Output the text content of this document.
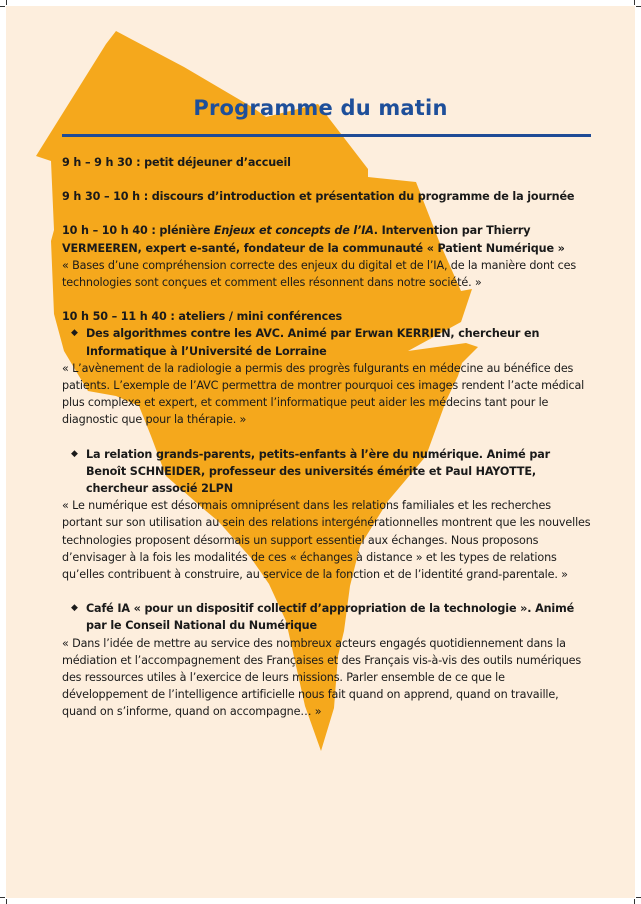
Programme du matin

9 h – 9 h 30 : petit déjeuner d’accueil

9 h 30 – 10 h : discours d’introduction et présentation du programme de la journée

10 h – 10 h 40 : plénière Enjeux et concepts de l’IA. Intervention par Thierry VERMEEREN, expert e-santé, fondateur de la communauté « Patient Numérique »

« Bases d’une compréhension correcte des enjeux du digital et de l’IA, de la manière dont ces technologies sont conçues et comment elles résonnent dans notre société. »

10 h 50 – 11 h 40 : ateliers / mini conférences

◆ Des algorithmes contre les AVC. Animé par Erwan KERRIEN, chercheur en Informatique à l’Université de Lorraine

« L’avènement de la radiologie a permis des progrès fulgurants en médecine au bénéfice des patients. L’exemple de l’AVC permettra de montrer pourquoi ces images rendent l’acte médical plus complexe et expert, et comment l’informatique peut aider les médecins tant pour le diagnostic que pour la thérapie. »

◆ La relation grands-parents, petits-enfants à l’ère du numérique. Animé par Benoît SCHNEIDER, professeur des universités émérite et Paul HAYOTTE, chercheur associé 2LPN

« Le numérique est désormais omniprésent dans les relations familiales et les recherches portant sur son utilisation au sein des relations intergénérationnelles montrent que les nouvelles technologies proposent désormais un support essentiel aux échanges. Nous proposons d’envisager à la fois les modalités de ces « échanges à distance » et les types de relations qu’elles contribuent à construire, au service de la fonction et de l’identité grand-parentale. »

◆ Café IA « pour un dispositif collectif d’appropriation de la technologie ». Animé par le Conseil National du Numérique

« Dans l’idée de mettre au service des nombreux acteurs engagés quotidiennement dans la médiation et l’accompagnement des Françaises et des Français vis-à-vis des outils numériques des ressources utiles à l’exercice de leurs missions. Parler ensemble de ce que le développement de l’intelligence artificielle nous fait quand on apprend, quand on travaille, quand on s’informe, quand on accompagne… »
